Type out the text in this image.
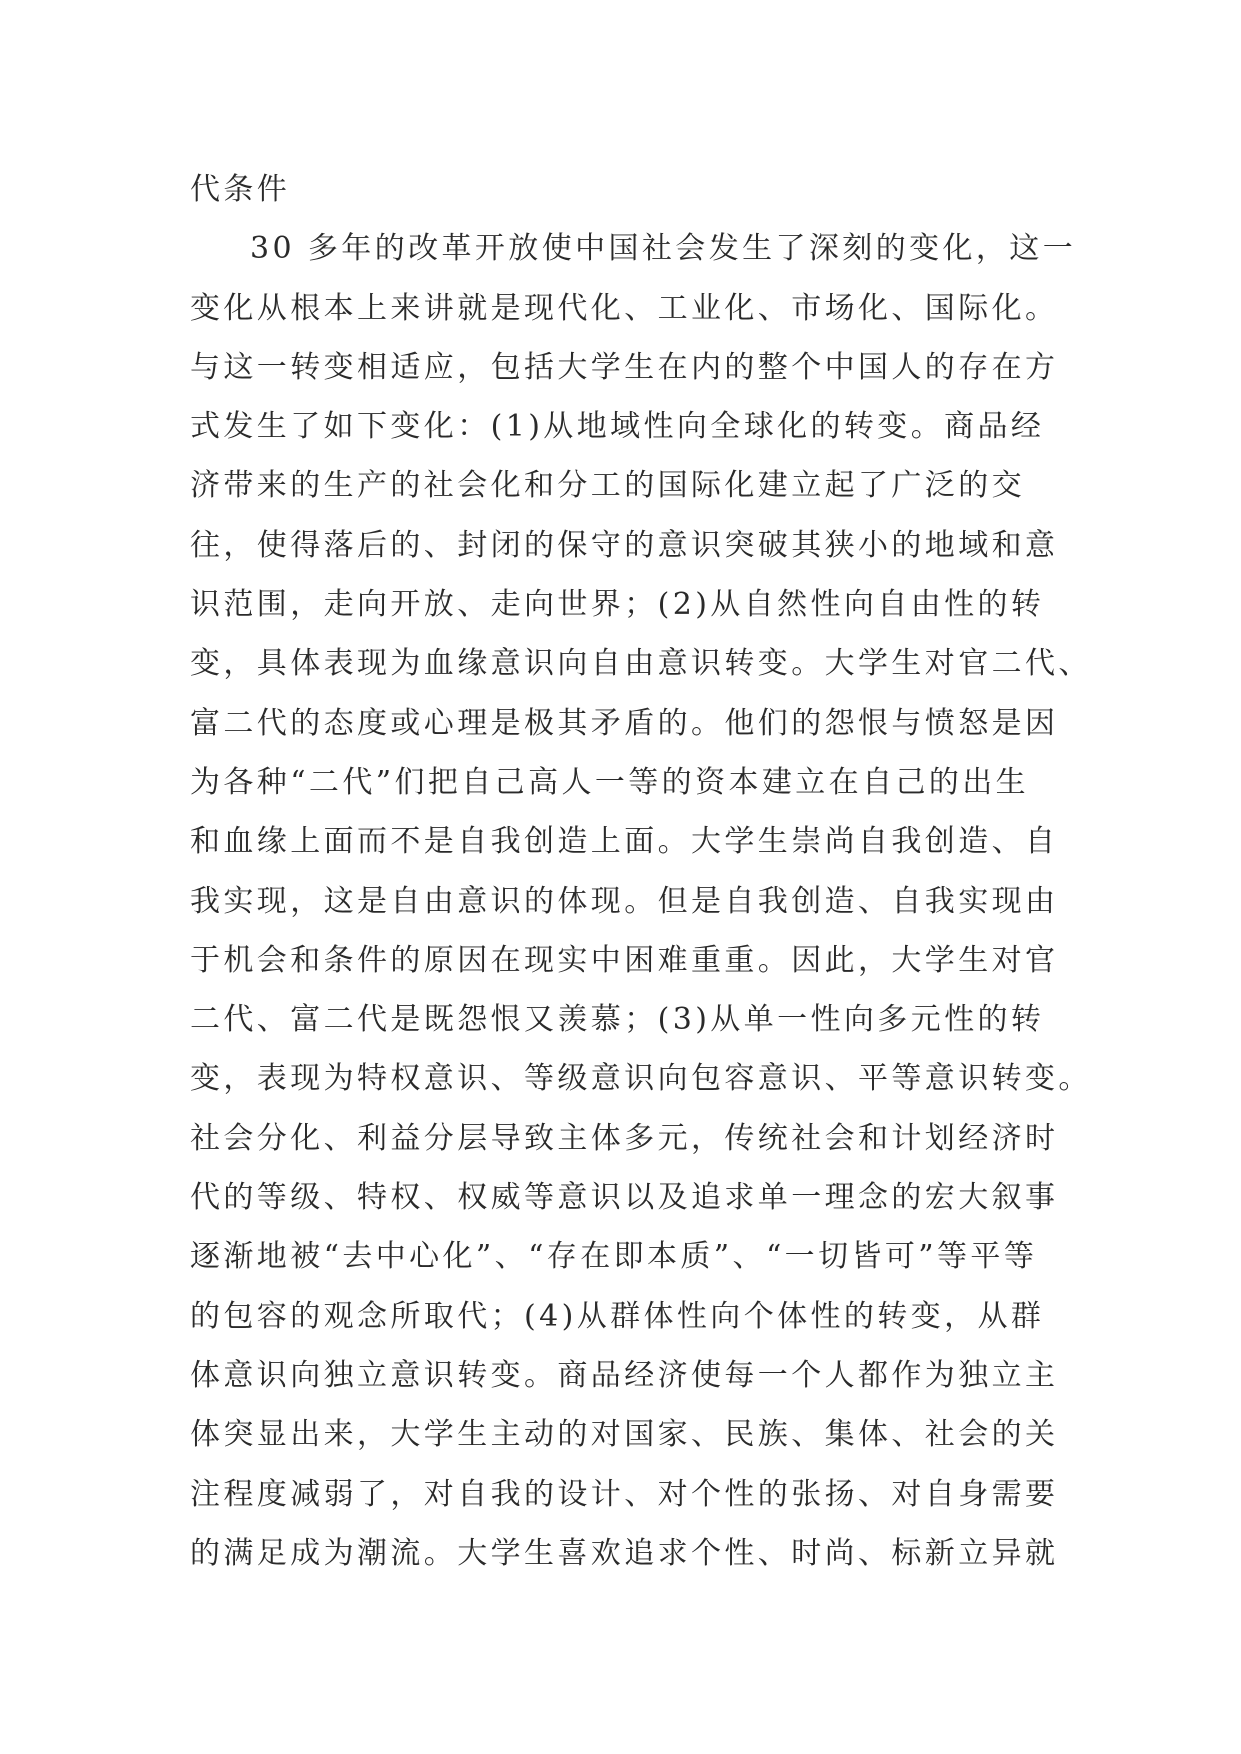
代条件
30 多年的改革开放使中国社会发生了深刻的变化，这一
变化从根本上来讲就是现代化、工业化、市场化、国际化。
与这一转变相适应，包括大学生在内的整个中国人的存在方
式发生了如下变化：(1)从地域性向全球化的转变。商品经
济带来的生产的社会化和分工的国际化建立起了广泛的交
往，使得落后的、封闭的保守的意识突破其狭小的地域和意
识范围，走向开放、走向世界；(2)从自然性向自由性的转
变，具体表现为血缘意识向自由意识转变。大学生对官二代、
富二代的态度或心理是极其矛盾的。他们的怨恨与愤怒是因
为各种“二代”们把自己高人一等的资本建立在自己的出生
和血缘上面而不是自我创造上面。大学生崇尚自我创造、自
我实现，这是自由意识的体现。但是自我创造、自我实现由
于机会和条件的原因在现实中困难重重。因此，大学生对官
二代、富二代是既怨恨又羡慕；(3)从单一性向多元性的转
变，表现为特权意识、等级意识向包容意识、平等意识转变。
社会分化、利益分层导致主体多元，传统社会和计划经济时
代的等级、特权、权威等意识以及追求单一理念的宏大叙事
逐渐地被“去中心化”、“存在即本质”、“一切皆可”等平等
的包容的观念所取代；(4)从群体性向个体性的转变，从群
体意识向独立意识转变。商品经济使每一个人都作为独立主
体突显出来，大学生主动的对国家、民族、集体、社会的关
注程度减弱了，对自我的设计、对个性的张扬、对自身需要
的满足成为潮流。大学生喜欢追求个性、时尚、标新立异就
